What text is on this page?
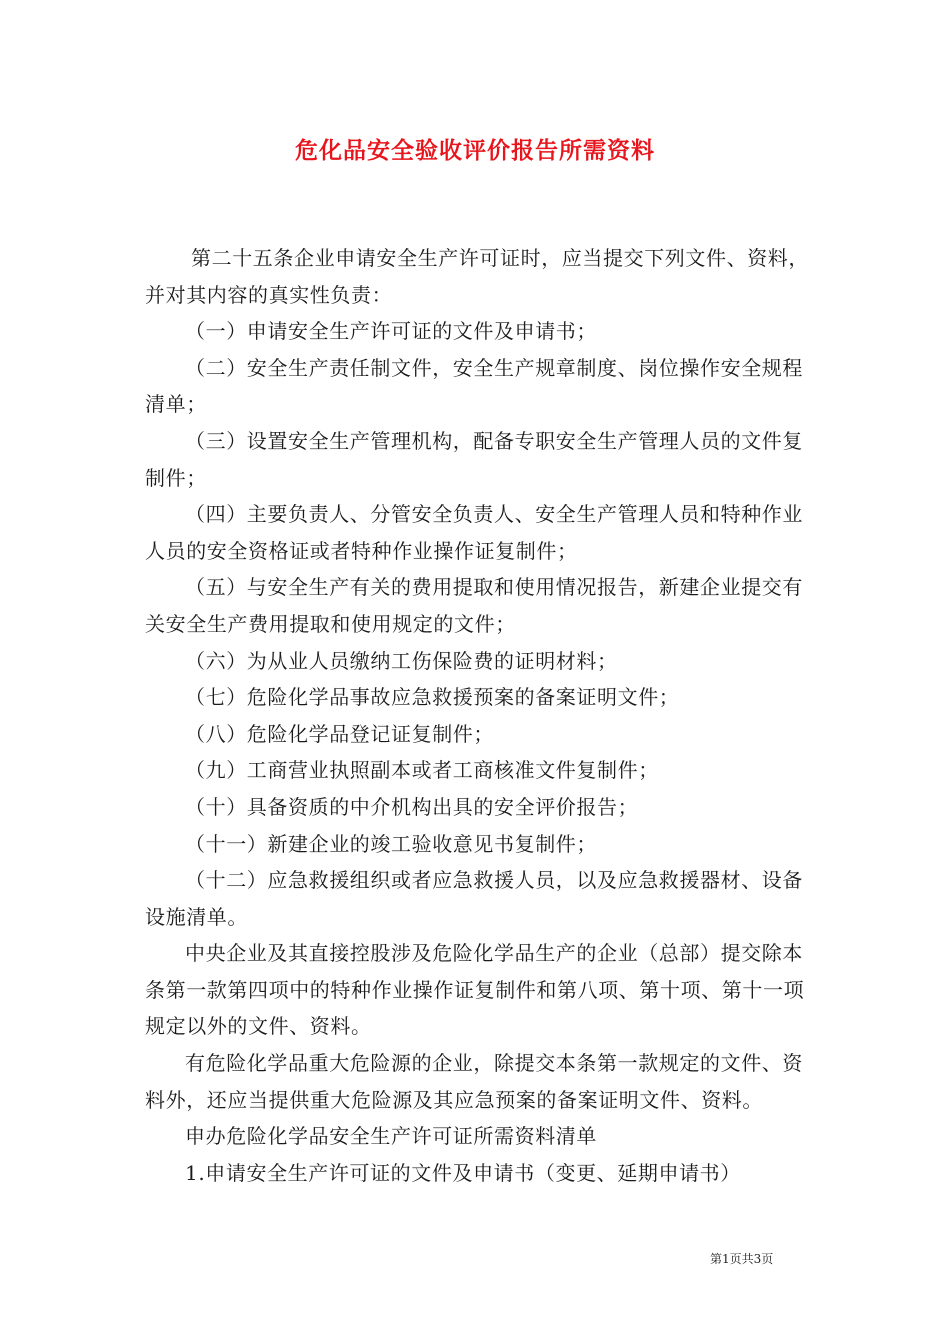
危化品安全验收评价报告所需资料

第二十五条企业申请安全生产许可证时，应当提交下列文件、资料，并对其内容的真实性负责：

（一）申请安全生产许可证的文件及申请书；

（二）安全生产责任制文件，安全生产规章制度、岗位操作安全规程清单；

（三）设置安全生产管理机构，配备专职安全生产管理人员的文件复制件；

（四）主要负责人、分管安全负责人、安全生产管理人员和特种作业人员的安全资格证或者特种作业操作证复制件；

（五）与安全生产有关的费用提取和使用情况报告，新建企业提交有关安全生产费用提取和使用规定的文件；

（六）为从业人员缴纳工伤保险费的证明材料；

（七）危险化学品事故应急救援预案的备案证明文件；

（八）危险化学品登记证复制件；

（九）工商营业执照副本或者工商核准文件复制件；

（十）具备资质的中介机构出具的安全评价报告；

（十一）新建企业的竣工验收意见书复制件；

（十二）应急救援组织或者应急救援人员，以及应急救援器材、设备设施清单。

中央企业及其直接控股涉及危险化学品生产的企业（总部）提交除本条第一款第四项中的特种作业操作证复制件和第八项、第十项、第十一项规定以外的文件、资料。

有危险化学品重大危险源的企业，除提交本条第一款规定的文件、资料外，还应当提供重大危险源及其应急预案的备案证明文件、资料。

申办危险化学品安全生产许可证所需资料清单

1.申请安全生产许可证的文件及申请书（变更、延期申请书）

第1页共3页
